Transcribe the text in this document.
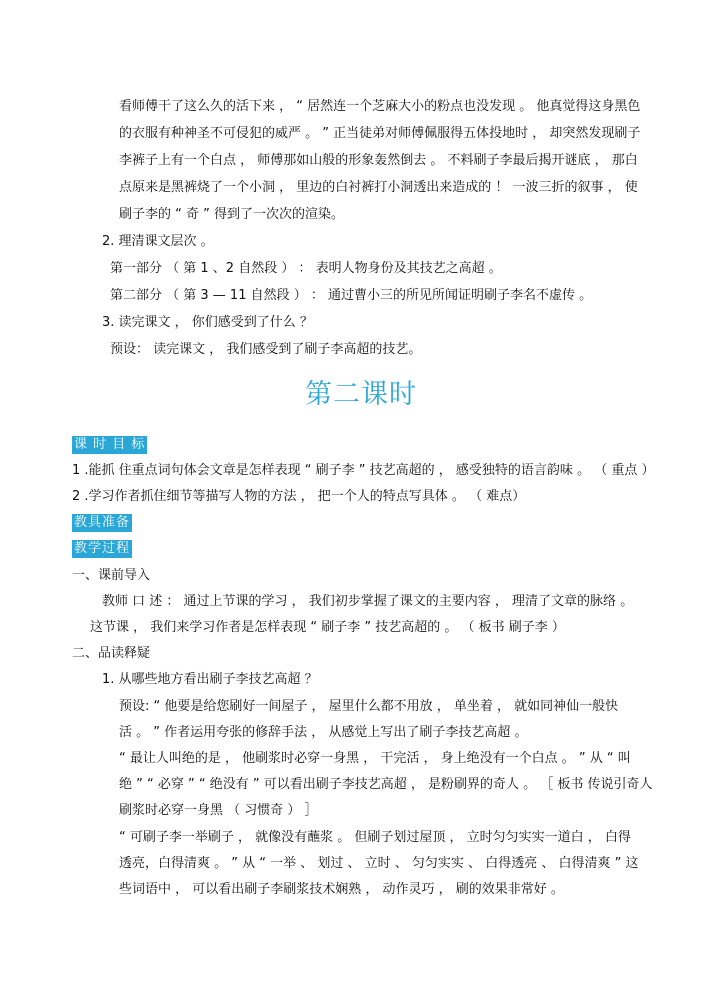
看师傅干了这么久的活下来 ， “ 居然连一个芝麻大小的粉点也没发现 。 他真觉得这身黑色
的衣服有种神圣不可侵犯的威严 。 ” 正当徒弟对师傅佩服得五体投地时 ， 却突然发现刷子
李裤子上有一个白点 ， 师傅那如山般的形象轰然倒去 。 不料刷子李最后揭开谜底 ， 那白
点原来是黑裤烧了一个小洞 ， 里边的白衬裤打小洞透出来造成的 ！ 一波三折的叙事 ， 使
刷子李的 “ 奇 ” 得到了一次次的渲染。
2. 理清课文层次 。
第一部分 （ 第 1 、2 自然段 ） ： 表明人物身份及其技艺之高超 。
第二部分 （ 第 3 — 11 自然段 ） ： 通过曹小三的所见所闻证明刷子李名不虚传 。
3. 读完课文 ， 你们感受到了什么 ？
预设： 读完课文 ， 我们感受到了刷子李高超的技艺。
第二课时
课 时 目 标
1 .能抓 住重点词句体会文章是怎样表现 “ 刷子李 ” 技艺高超的 ， 感受独特的语言韵味 。 （ 重点 ）
2 .学习作者抓住细节等描写人物的方法 ， 把一个人的特点写具体 。 （ 难点）
教具准备
教学过程
一、课前导入
教师 口 述 ： 通过上节课的学习 ， 我们初步掌握了课文的主要内容 ， 理清了文章的脉络 。
这节课 ， 我们来学习作者是怎样表现 “ 刷子李 ” 技艺高超的 。 （ 板书 刷子李 ）
二、品读释疑
1. 从哪些地方看出刷子李技艺高超 ？
预设: “ 他要是给您刷好一间屋子 ， 屋里什么都不用放 ， 单坐着 ， 就如同神仙一般快
活 。 ” 作者运用夸张的修辞手法 ， 从感觉上写出了刷子李技艺高超 。
“ 最让人叫绝的是 ， 他刷浆时必穿一身黑 ， 干完活 ， 身上绝没有一个白点 。 ” 从 “ 叫
绝 ” “ 必穿 ” “ 绝没有 ” 可以看出刷子李技艺高超 ， 是粉刷界的奇人 。 ［ 板书 传说引奇人
刷浆时必穿一身黑 （ 习惯奇 ） ］
“ 可刷子李一举刷子 ， 就像没有蘸浆 。 但刷子划过屋顶 ， 立时匀匀实实一道白 ， 白得
透亮，白得清爽 。 ” 从 “ 一举 、 划过 、 立时 、 匀匀实实 、 白得透亮 、 白得清爽 ” 这
些词语中 ， 可以看出刷子李刷浆技术娴熟 ， 动作灵巧 ， 刷的效果非常好 。
